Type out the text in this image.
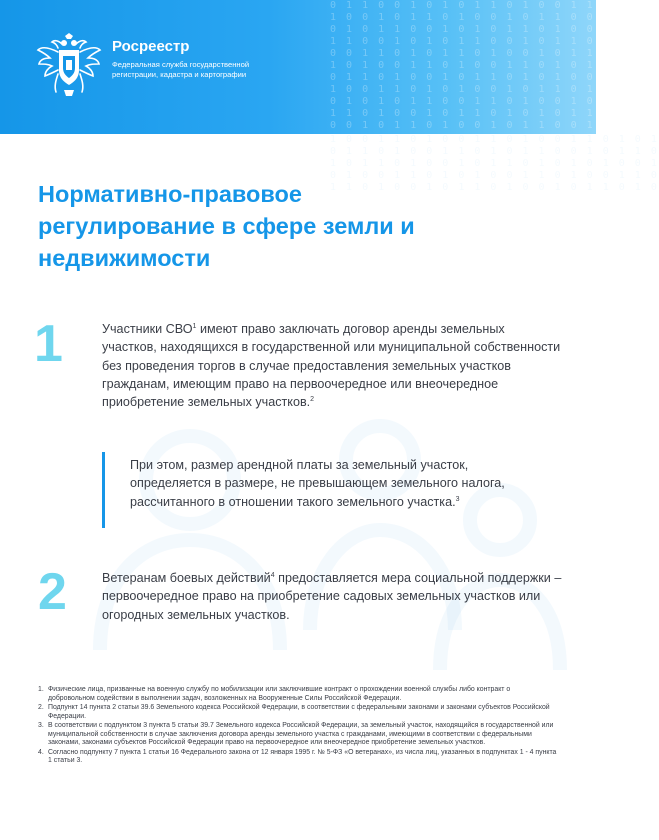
0 1 1 0 0 1 0 1 0 1 1 0 1 0 0 1 1 0 1 0 1
1 0 0 1 0 1 1 0 1 0 0 1 0 1 1 0 0 1 0 1 1
0 1 0 1 1 0 0 1 0 1 0 1 1 0 1 0 0 1 1 0 1
1 1 0 0 1 0 1 0 1 1 0 0 1 0 1 1 0 1 0 0 1
0 0 1 1 0 1 0 1 1 0 1 0 0 1 0 1 1 0 0 1 1
1 0 1 0 0 1 1 0 1 0 0 1 1 0 1 0 1 0 1 1 0
0 1 1 0 1 0 0 1 0 1 1 0 1 0 1 0 0 1 0 1 1
1 0 0 1 1 0 1 0 1 0 0 1 0 1 1 0 1 0 1 0 0
0 1 0 1 0 1 1 0 0 1 1 0 1 0 0 1 0 1 1 0 1
1 1 0 1 0 0 1 0 1 1 0 1 0 1 0 1 1 0 0 1 0
0 0 1 0 1 1 0 1 0 0 1 0 1 1 0 0 1 0 1 1 1
Росреестр
Федеральная служба государственной регистрации, кадастра и картографии
1 0 0 1 1 0 1 0 0 1 1 0 1 0 0 1 1 0 1 0 1
0 1 1 0 1 0 0 1 1 0 1 0 1 1 0 0 1 0 1 1 0
1 0 1 1 0 1 0 0 1 0 1 1 0 1 0 1 0 1 0 0 1
0 1 0 0 1 1 0 1 0 1 0 0 1 1 0 1 0 0 1 1 0
1 1 0 1 0 0 1 0 1 1 0 1 0 0 1 0 1 1 0 1 0
Нормативно-правовое регулирование в сфере земли и недвижимости
1	Участники СВО$^1$ имеют право заключать договор аренды земельных участков, находящихся в государственной или муниципальной собственности без проведения торгов в случае предоставления земельных участков гражданам, имеющим право на первоочередное или внеочередное приобретение земельных участков.$^2$
При этом, размер арендной платы за земельный участок, определяется в размере, не превышающем земельного налога, рассчитанного в отношении такого земельного участка.$^3$
2	Ветеранам боевых действий$^4$ предоставляется мера социальной поддержки – первоочередное право на приобретение садовых земельных участков или огородных земельных участков.
1. Физические лица, призванные на военную службу по мобилизации или заключившие контракт о прохождении военной службы либо контракт о добровольном содействии в выполнении задач, возложенных на Вооруженные Силы Российской Федерации.
2. Подпункт 14 пункта 2 статьи 39.6 Земельного кодекса Российской Федерации, в соответствии с федеральными законами и законами субъектов Российской Федерации.
3. В соответствии с подпунктом 3 пункта 5 статьи 39.7 Земельного кодекса Российской Федерации, за земельный участок, находящийся в государственной или муниципальной собственности в случае заключения договора аренды земельного участка с гражданами, имеющими в соответствии с федеральными законами, законами субъектов Российской Федерации право на первоочередное или внеочередное приобретение земельных участков.
4. Согласно подпункту 7 пункта 1 статьи 16 Федерального закона от 12 января 1995 г. № 5-ФЗ «О ветеранах», из числа лиц, указанных в подпунктах 1 - 4 пункта 1 статьи 3.
